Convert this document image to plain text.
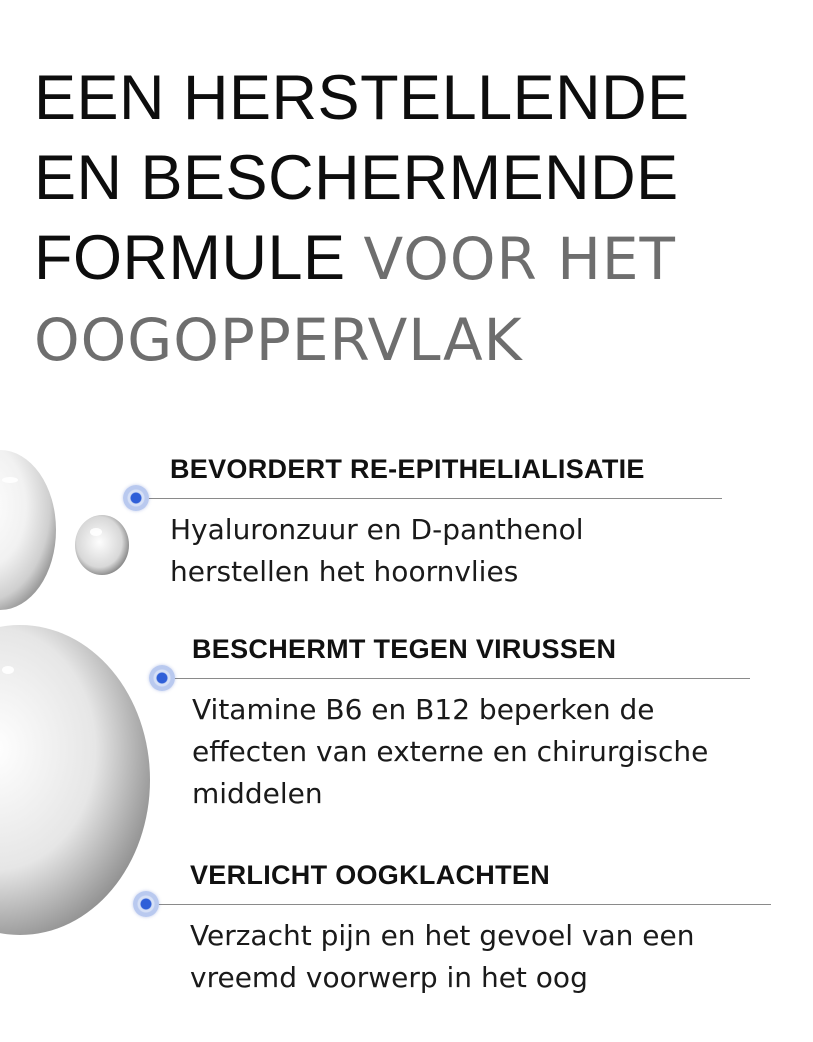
EEN HERSTELLENDE EN BESCHERMENDE FORMULE VOOR HET OOGOPPERVLAK

BEVORDERT RE-EPITHELIALISATIE

Hyaluronzuur en D-panthenol herstellen het hoornvlies

BESCHERMT TEGEN VIRUSSEN

Vitamine B6 en B12 beperken de effecten van externe en chirurgische middelen

VERLICHT OOGKLACHTEN

Verzacht pijn en het gevoel van een vreemd voorwerp in het oog
